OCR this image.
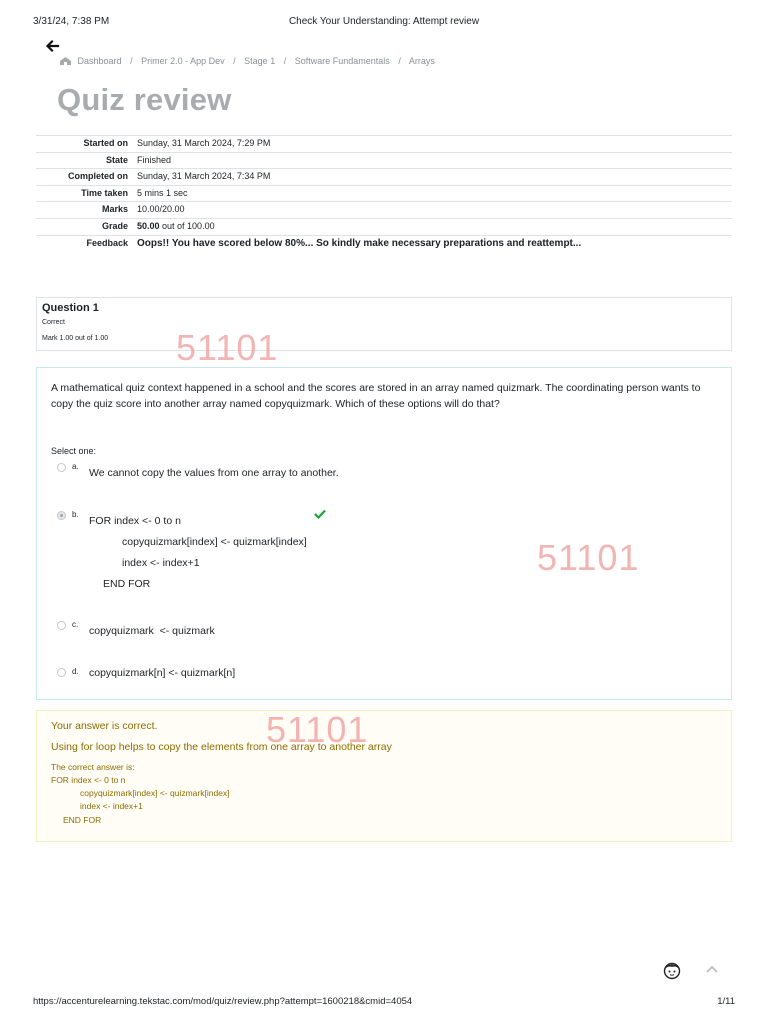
3/31/24, 7:38 PM	Check Your Understanding: Attempt review
Dashboard / Primer 2.0 - App Dev / Stage 1 / Software Fundamentals / Arrays
Quiz review
Started on	Sunday, 31 March 2024, 7:29 PM
State	Finished
Completed on	Sunday, 31 March 2024, 7:34 PM
Time taken	5 mins 1 sec
Marks	10.00/20.00
Grade	50.00 out of 100.00
Feedback	Oops!! You have scored below 80%... So kindly make necessary preparations and reattempt...
Question 1
Correct
Mark 1.00 out of 1.00

A mathematical quiz context happened in a school and the scores are stored in an array named quizmark. The coordinating person wants to copy the quiz score into another array named copyquizmark. Which of these options will do that?

Select one:
a.
We cannot copy the values from one array to another.
b.
FOR index <- 0 to n
copyquizmark[index] <- quizmark[index]
index <- index+1
END FOR
c.
copyquizmark  <- quizmark
d. copyquizmark[n] <- quizmark[n]
Your answer is correct.
Using for loop helps to copy the elements from one array to another array
The correct answer is:
FOR index <- 0 to n
copyquizmark[index] <- quizmark[index]
index <- index+1
END FOR
51101
51101
51101
https://accenturelearning.tekstac.com/mod/quiz/review.php?attempt=1600218&cmid=4054	1/11
